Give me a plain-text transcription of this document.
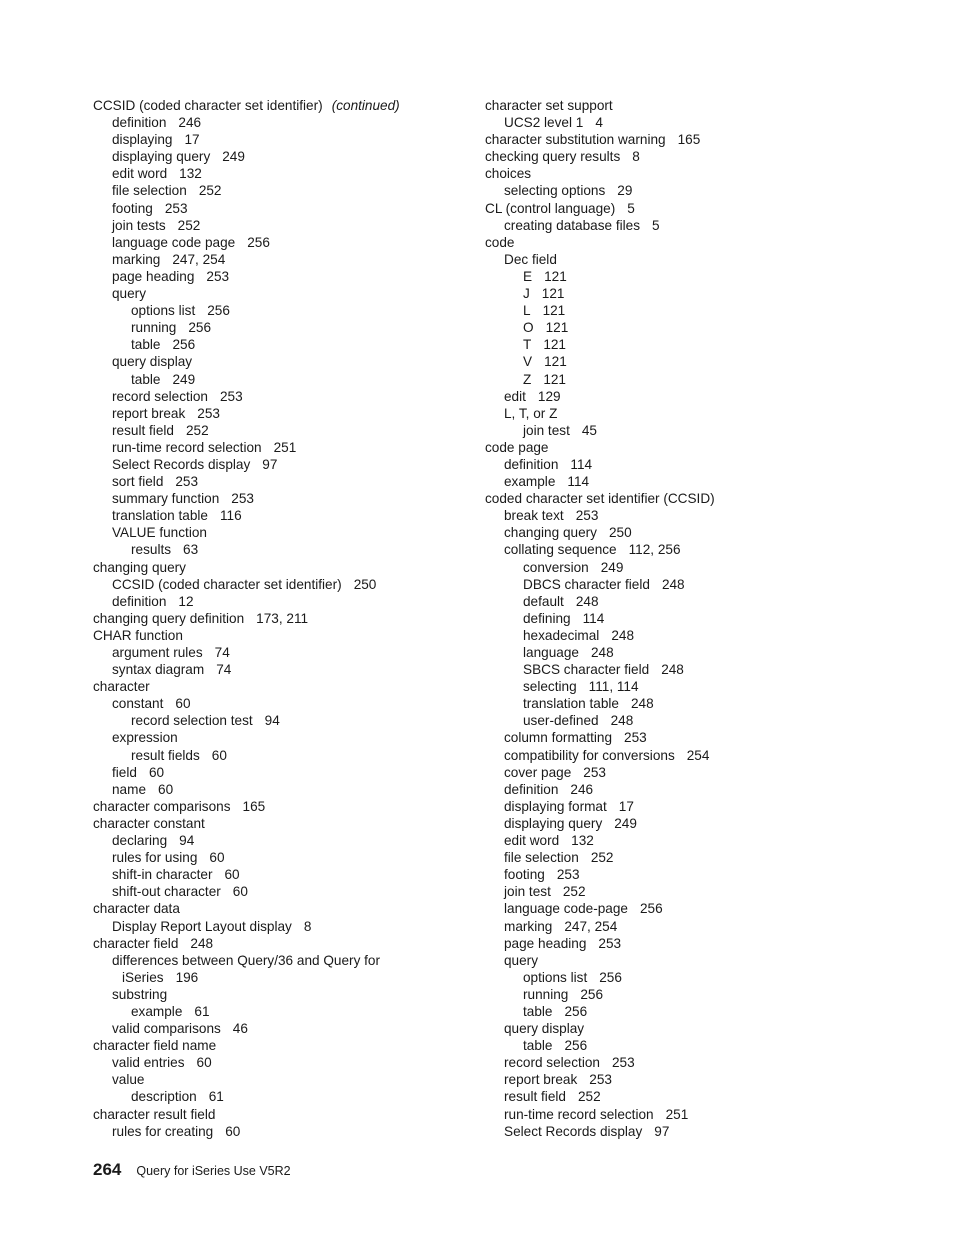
CCSID (coded character set identifier) (continued)
definition 246
displaying 17
displaying query 249
edit word 132
file selection 252
footing 253
join tests 252
language code page 256
marking 247, 254
page heading 253
query
options list 256
running 256
table 256
query display
table 249
record selection 253
report break 253
result field 252
run-time record selection 251
Select Records display 97
sort field 253
summary function 253
translation table 116
VALUE function
results 63
changing query
CCSID (coded character set identifier) 250
definition 12
changing query definition 173, 211
CHAR function
argument rules 74
syntax diagram 74
character
constant 60
record selection test 94
expression
result fields 60
field 60
name 60
character comparisons 165
character constant
declaring 94
rules for using 60
shift-in character 60
shift-out character 60
character data
Display Report Layout display 8
character field 248
differences between Query/36 and Query for
iSeries 196
substring
example 61
valid comparisons 46
character field name
valid entries 60
value
description 61
character result field
rules for creating 60
character set support
UCS2 level 1 4
character substitution warning 165
checking query results 8
choices
selecting options 29
CL (control language) 5
creating database files 5
code
Dec field
E 121
J 121
L 121
O 121
T 121
V 121
Z 121
edit 129
L, T, or Z
join test 45
code page
definition 114
example 114
coded character set identifier (CCSID)
break text 253
changing query 250
collating sequence 112, 256
conversion 249
DBCS character field 248
default 248
defining 114
hexadecimal 248
language 248
SBCS character field 248
selecting 111, 114
translation table 248
user-defined 248
column formatting 253
compatibility for conversions 254
cover page 253
definition 246
displaying format 17
displaying query 249
edit word 132
file selection 252
footing 253
join test 252
language code-page 256
marking 247, 254
page heading 253
query
options list 256
running 256
table 256
query display
table 256
record selection 253
report break 253
result field 252
run-time record selection 251
Select Records display 97
264 Query for iSeries Use V5R2
